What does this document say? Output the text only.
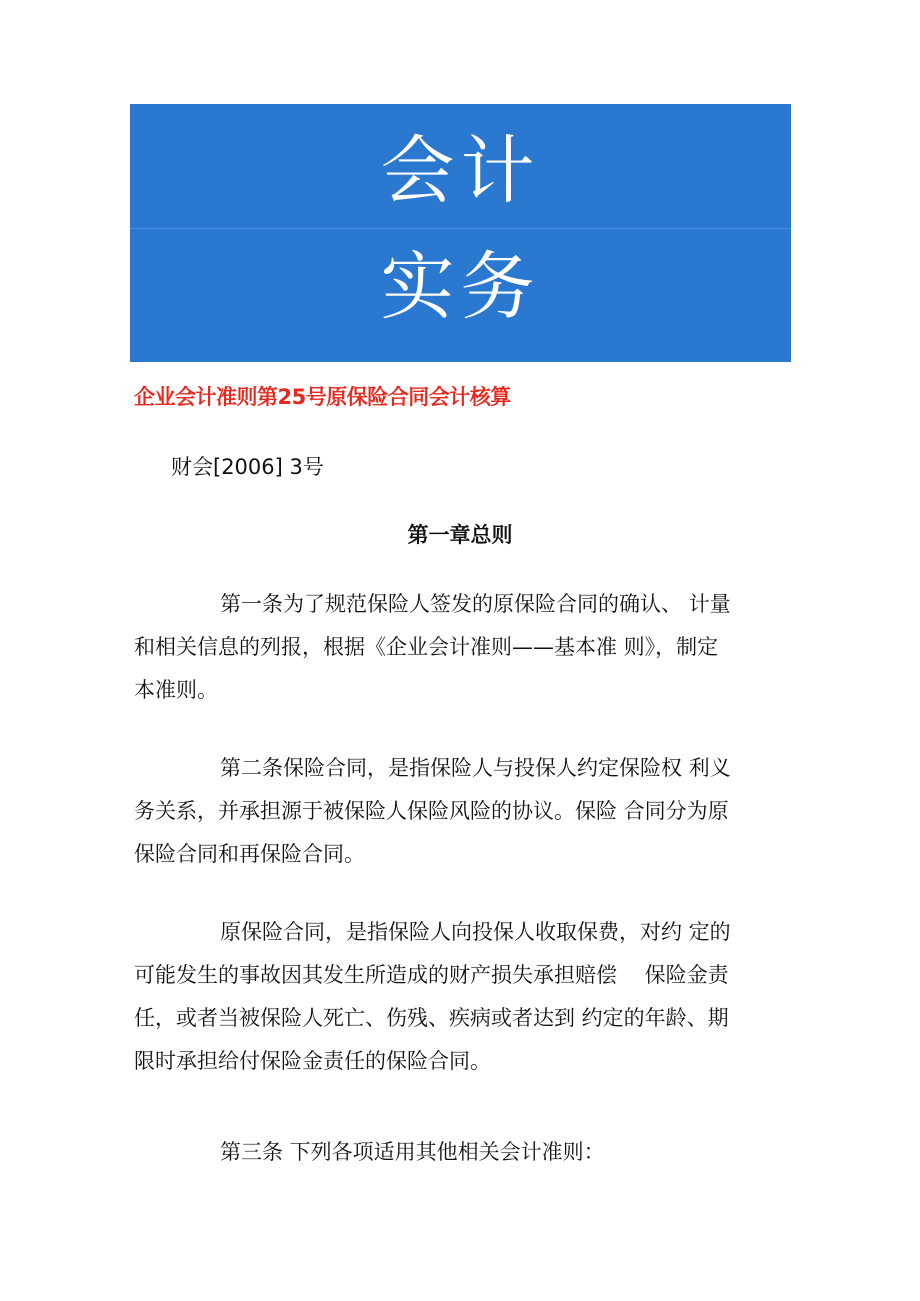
会计
实务
企业会计准则第25号原保险合同会计核算
财会[2006] 3号
第一章总则
第一条为了规范保险人签发的原保险合同的确认、 计量
和相关信息的列报，根据《企业会计准则——基本准 则》，制定
本准则。
第二条保险合同，是指保险人与投保人约定保险权 利义
务关系，并承担源于被保险人保险风险的协议。保险 合同分为原
保险合同和再保险合同。
原保险合同，是指保险人向投保人收取保费，对约 定的
可能发生的事故因其发生所造成的财产损失承担赔偿　 保险金责
任，或者当被保险人死亡、伤残、疾病或者达到 约定的年龄、期
限时承担给付保险金责任的保险合同。
第三条 下列各项适用其他相关会计准则：
